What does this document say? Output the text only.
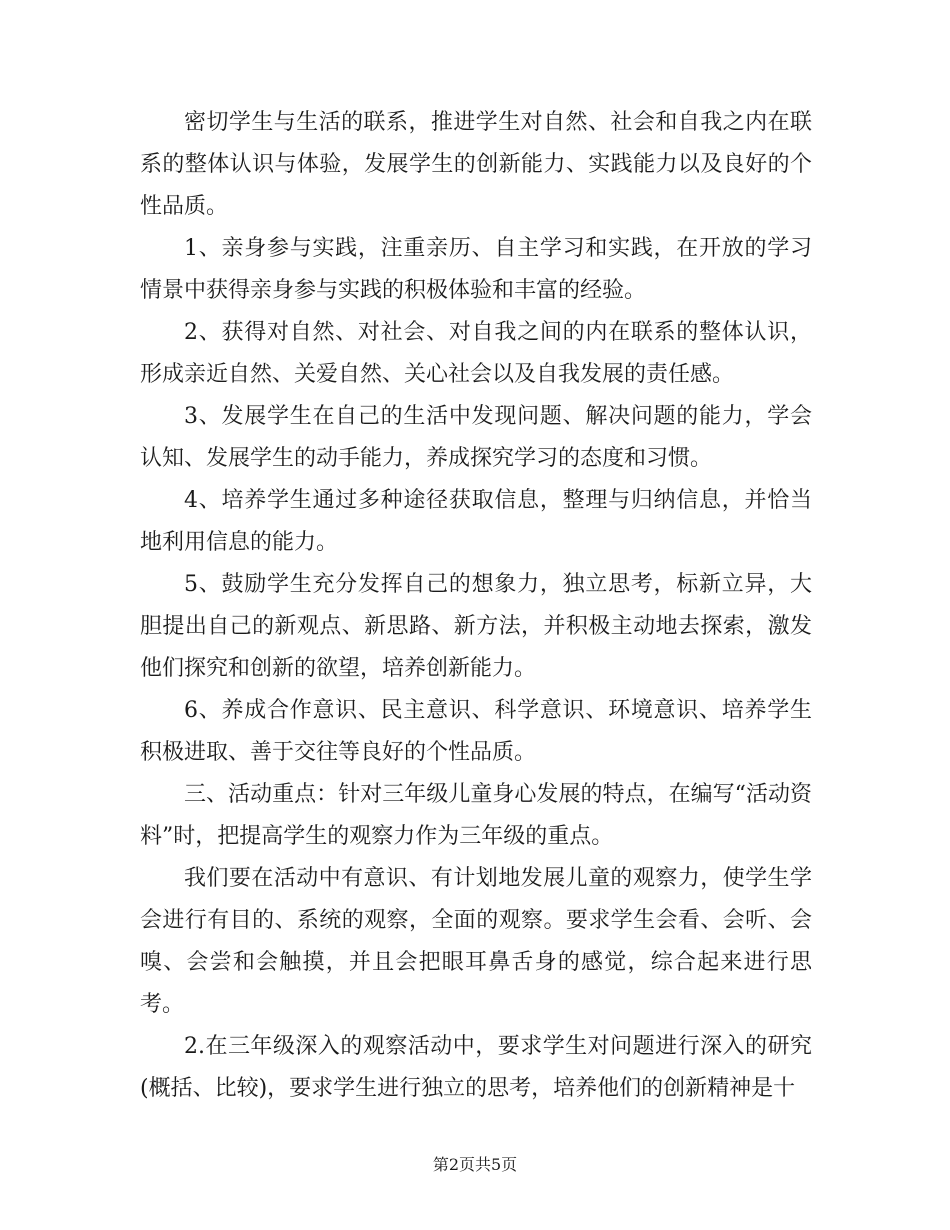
密切学生与生活的联系，推进学生对自然、社会和自我之内在联系的整体认识与体验，发展学生的创新能力、实践能力以及良好的个性品质。

1、亲身参与实践，注重亲历、自主学习和实践，在开放的学习情景中获得亲身参与实践的积极体验和丰富的经验。

2、获得对自然、对社会、对自我之间的内在联系的整体认识，形成亲近自然、关爱自然、关心社会以及自我发展的责任感。

3、发展学生在自己的生活中发现问题、解决问题的能力，学会认知、发展学生的动手能力，养成探究学习的态度和习惯。

4、培养学生通过多种途径获取信息，整理与归纳信息，并恰当地利用信息的能力。

5、鼓励学生充分发挥自己的想象力，独立思考，标新立异，大胆提出自己的新观点、新思路、新方法，并积极主动地去探索，激发他们探究和创新的欲望，培养创新能力。

6、养成合作意识、民主意识、科学意识、环境意识、培养学生积极进取、善于交往等良好的个性品质。

三、活动重点：针对三年级儿童身心发展的特点，在编写“活动资料”时，把提高学生的观察力作为三年级的重点。

我们要在活动中有意识、有计划地发展儿童的观察力，使学生学会进行有目的、系统的观察，全面的观察。要求学生会看、会听、会嗅、会尝和会触摸，并且会把眼耳鼻舌身的感觉，综合起来进行思考。

2.在三年级深入的观察活动中，要求学生对问题进行深入的研究(概括、比较)，要求学生进行独立的思考，培养他们的创新精神是十

第2页共5页
